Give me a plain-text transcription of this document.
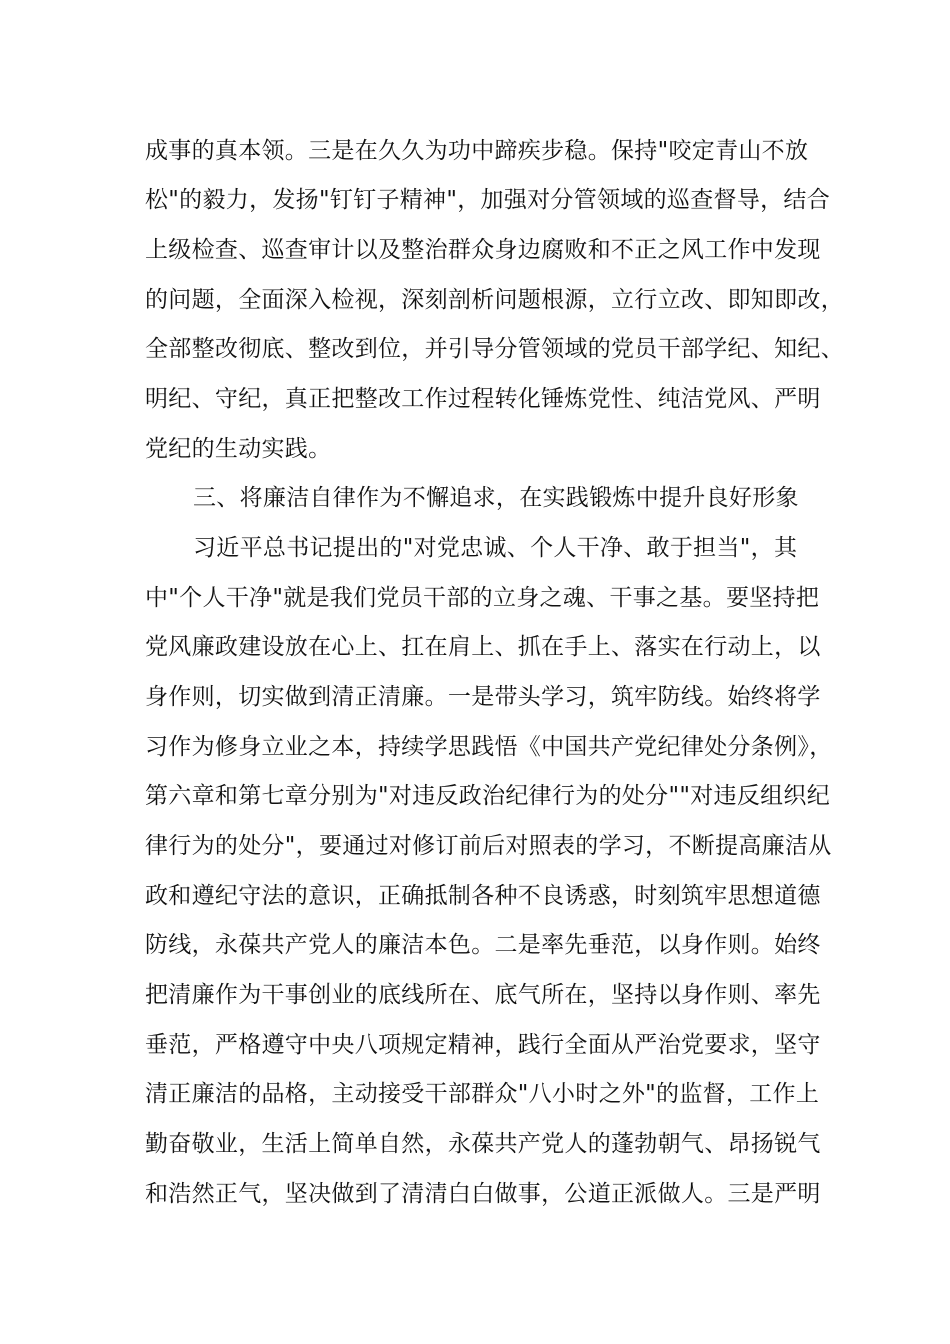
成事的真本领。三是在久久为功中蹄疾步稳。保持"咬定青山不放
松"的毅力，发扬"钉钉子精神"，加强对分管领域的巡查督导，结合
上级检查、巡查审计以及整治群众身边腐败和不正之风工作中发现
的问题，全面深入检视，深刻剖析问题根源，立行立改、即知即改，
全部整改彻底、整改到位，并引导分管领域的党员干部学纪、知纪、
明纪、守纪，真正把整改工作过程转化锤炼党性、纯洁党风、严明
党纪的生动实践。
三、将廉洁自律作为不懈追求，在实践锻炼中提升良好形象
习近平总书记提出的"对党忠诚、个人干净、敢于担当"，其
中"个人干净"就是我们党员干部的立身之魂、干事之基。要坚持把
党风廉政建设放在心上、扛在肩上、抓在手上、落实在行动上，以
身作则，切实做到清正清廉。一是带头学习，筑牢防线。始终将学
习作为修身立业之本，持续学思践悟《中国共产党纪律处分条例》，
第六章和第七章分别为"对违反政治纪律行为的处分""对违反组织纪
律行为的处分"，要通过对修订前后对照表的学习，不断提高廉洁从
政和遵纪守法的意识，正确抵制各种不良诱惑，时刻筑牢思想道德
防线，永葆共产党人的廉洁本色。二是率先垂范，以身作则。始终
把清廉作为干事创业的底线所在、底气所在，坚持以身作则、率先
垂范，严格遵守中央八项规定精神，践行全面从严治党要求，坚守
清正廉洁的品格，主动接受干部群众"八小时之外"的监督，工作上
勤奋敬业，生活上简单自然，永葆共产党人的蓬勃朝气、昂扬锐气
和浩然正气，坚决做到了清清白白做事，公道正派做人。三是严明
